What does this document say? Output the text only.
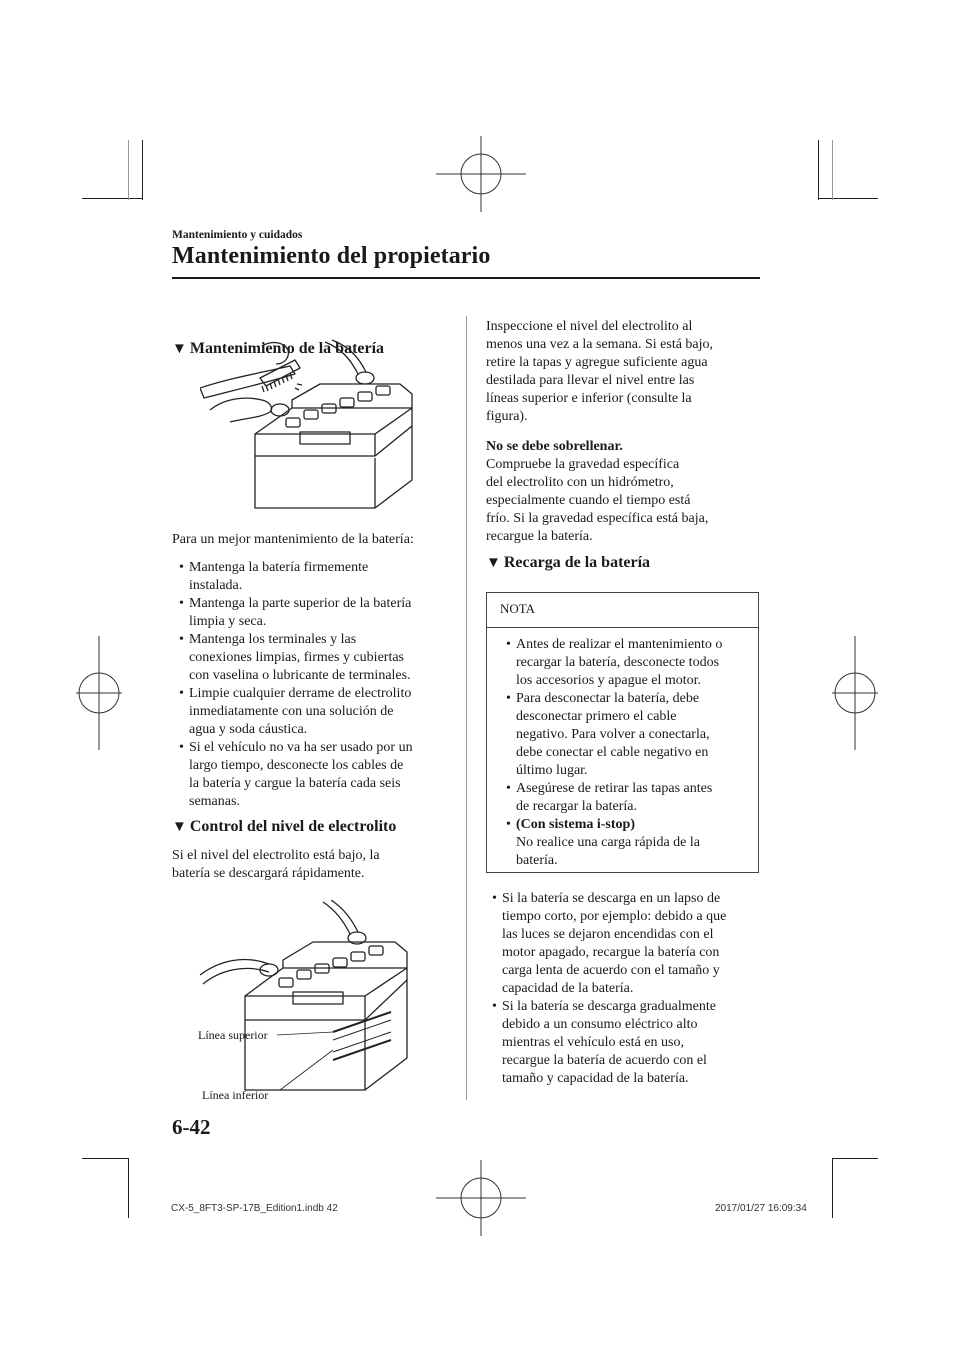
Mantenimiento y cuidados
Mantenimiento del propietario
▼ Mantenimiento de la batería

Para un mejor mantenimiento de la batería:

• Mantenga la batería firmemente
instalada.
• Mantenga la parte superior de la batería
limpia y seca.
• Mantenga los terminales y las
conexiones limpias, firmes y cubiertas
con vaselina o lubricante de terminales.
• Limpie cualquier derrame de electrolito
inmediatamente con una solución de
agua y soda cáustica.
• Si el vehículo no va ha ser usado por un
largo tiempo, desconecte los cables de
la batería y cargue la batería cada seis
semanas.
▼ Control del nivel de electrolito

Si el nivel del electrolito está bajo, la
batería se descargará rápidamente.

Línea superior
Línea inferior

Inspeccione el nivel del electrolito al
menos una vez a la semana. Si está bajo,
retire la tapas y agregue suficiente agua
destilada para llevar el nivel entre las
líneas superior e inferior (consulte la
figura).

No se debe sobrellenar.
Compruebe la gravedad específica
del electrolito con un hidrómetro,
especialmente cuando el tiempo está
frío. Si la gravedad específica está baja,
recargue la batería.

▼ Recarga de la batería
NOTA
• Antes de realizar el mantenimiento o
recargar la batería, desconecte todos
los accesorios y apague el motor.
• Para desconectar la batería, debe
desconectar primero el cable
negativo. Para volver a conectarla,
debe conectar el cable negativo en
último lugar.
• Asegúrese de retirar las tapas antes
de recargar la batería.
• (Con sistema i-stop)
No realice una carga rápida de la
batería.
• Si la batería se descarga en un lapso de
tiempo corto, por ejemplo: debido a que
las luces se dejaron encendidas con el
motor apagado, recargue la batería con
carga lenta de acuerdo con el tamaño y
capacidad de la batería.
• Si la batería se descarga gradualmente
debido a un consumo eléctrico alto
mientras el vehículo está en uso,
recargue la batería de acuerdo con el
tamaño y capacidad de la batería.
6-42
CX-5_8FT3-SP-17B_Edition1.indb 42	2017/01/27 16:09:34
